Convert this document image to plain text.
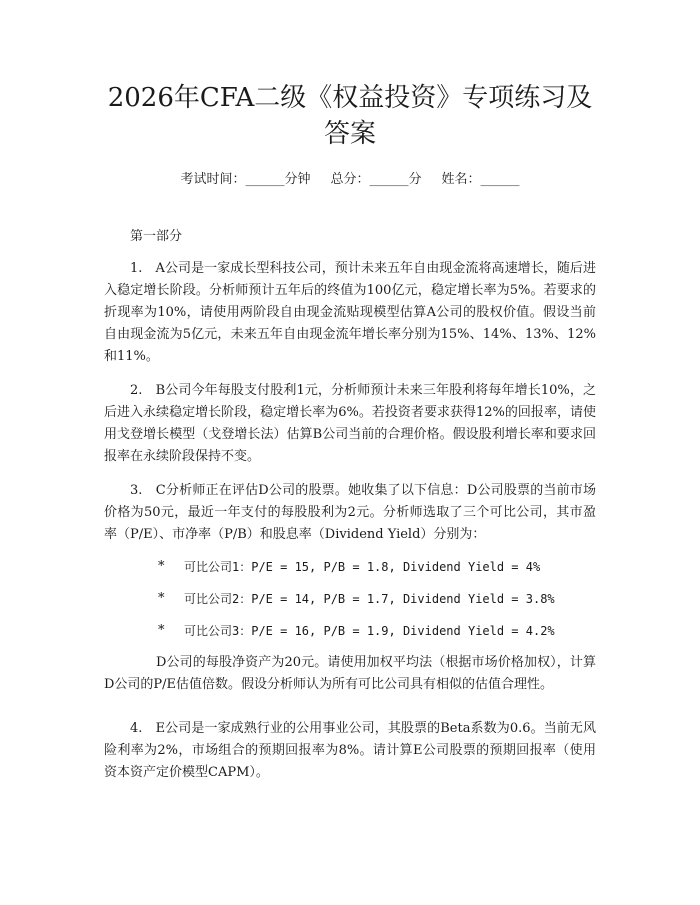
2026年CFA二级《权益投资》专项练习及答案
考试时间：______分钟 总分：______分 姓名：______
第一部分

1.　A公司是一家成长型科技公司，预计未来五年自由现金流将高速增长，随后进入稳定增长阶段。分析师预计五年后的终值为100亿元，稳定增长率为5%。若要求的折现率为10%，请使用两阶段自由现金流贴现模型估算A公司的股权价值。假设当前自由现金流为5亿元，未来五年自由现金流年增长率分别为15%、14%、13%、12%和11%。

2.　B公司今年每股支付股利1元，分析师预计未来三年股利将每年增长10%，之后进入永续稳定增长阶段，稳定增长率为6%。若投资者要求获得12%的回报率，请使用戈登增长模型（戈登增长法）估算B公司当前的合理价格。假设股利增长率和要求回报率在永续阶段保持不变。

3.　C分析师正在评估D公司的股票。她收集了以下信息：D公司股票的当前市场价格为50元，最近一年支付的每股股利为2元。分析师选取了三个可比公司，其市盈率（P/E）、市净率（P/B）和股息率（Dividend Yield）分别为：

* 可比公司1：P/E = 15, P/B = 1.8, Dividend Yield = 4%
* 可比公司2：P/E = 14, P/B = 1.7, Dividend Yield = 3.8%
* 可比公司3：P/E = 16, P/B = 1.9, Dividend Yield = 4.2%

D公司的每股净资产为20元。请使用加权平均法（根据市场价格加权），计算D公司的P/E估值倍数。假设分析师认为所有可比公司具有相似的估值合理性。

4.　E公司是一家成熟行业的公用事业公司，其股票的Beta系数为0.6。当前无风险利率为2%，市场组合的预期回报率为8%。请计算E公司股票的预期回报率（使用资本资产定价模型CAPM）。
